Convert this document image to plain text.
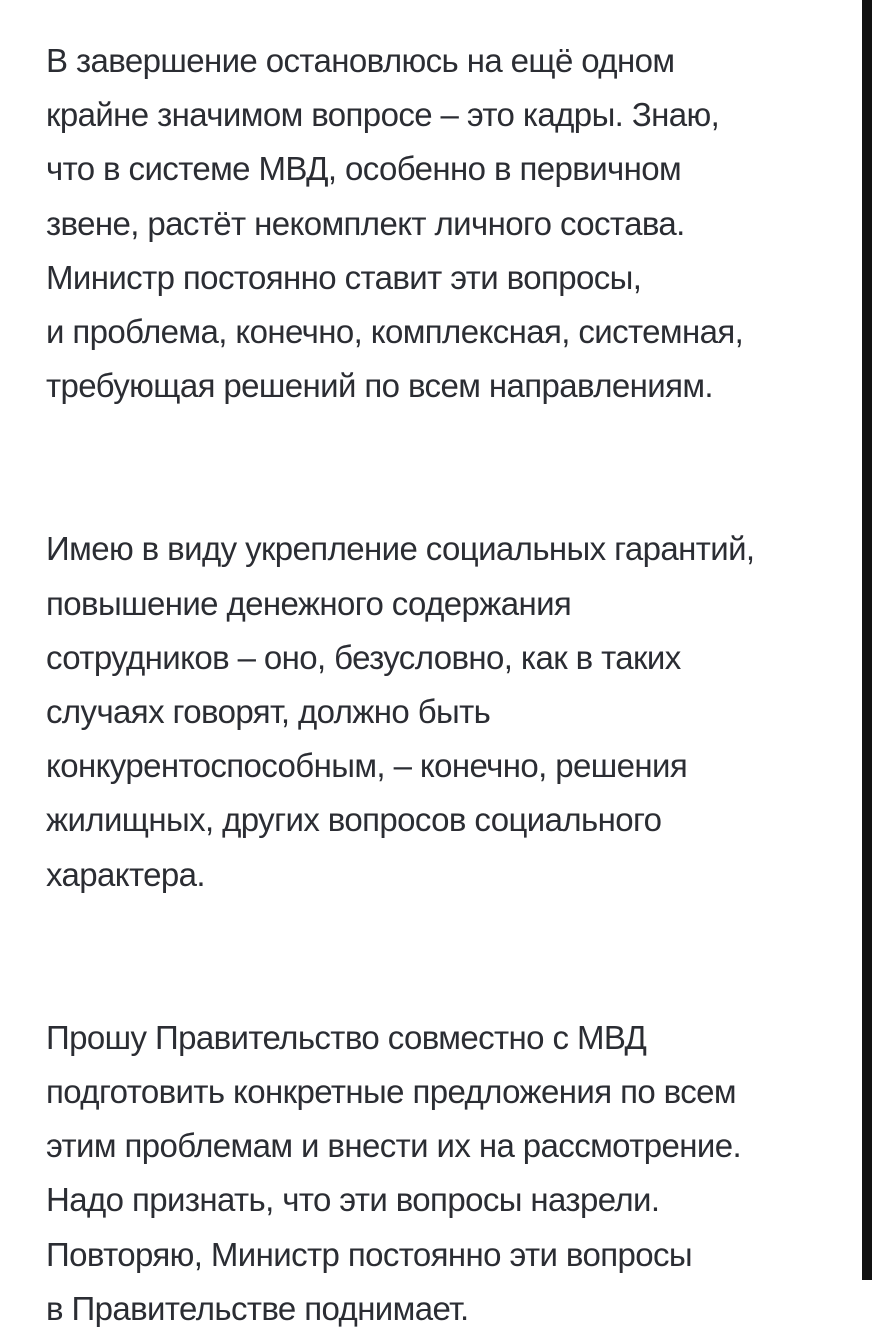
В завершение остановлюсь на ещё одном
крайне значимом вопросе – это кадры. Знаю,
что в системе МВД, особенно в первичном
звене, растёт некомплект личного состава.
Министр постоянно ставит эти вопросы,
и проблема, конечно, комплексная, системная,
требующая решений по всем направлениям.

Имею в виду укрепление социальных гарантий,
повышение денежного содержания
сотрудников – оно, безусловно, как в таких
случаях говорят, должно быть
конкурентоспособным, – конечно, решения
жилищных, других вопросов социального
характера.

Прошу Правительство совместно с МВД
подготовить конкретные предложения по всем
этим проблемам и внести их на рассмотрение.
Надо признать, что эти вопросы назрели.
Повторяю, Министр постоянно эти вопросы
в Правительстве поднимает.
